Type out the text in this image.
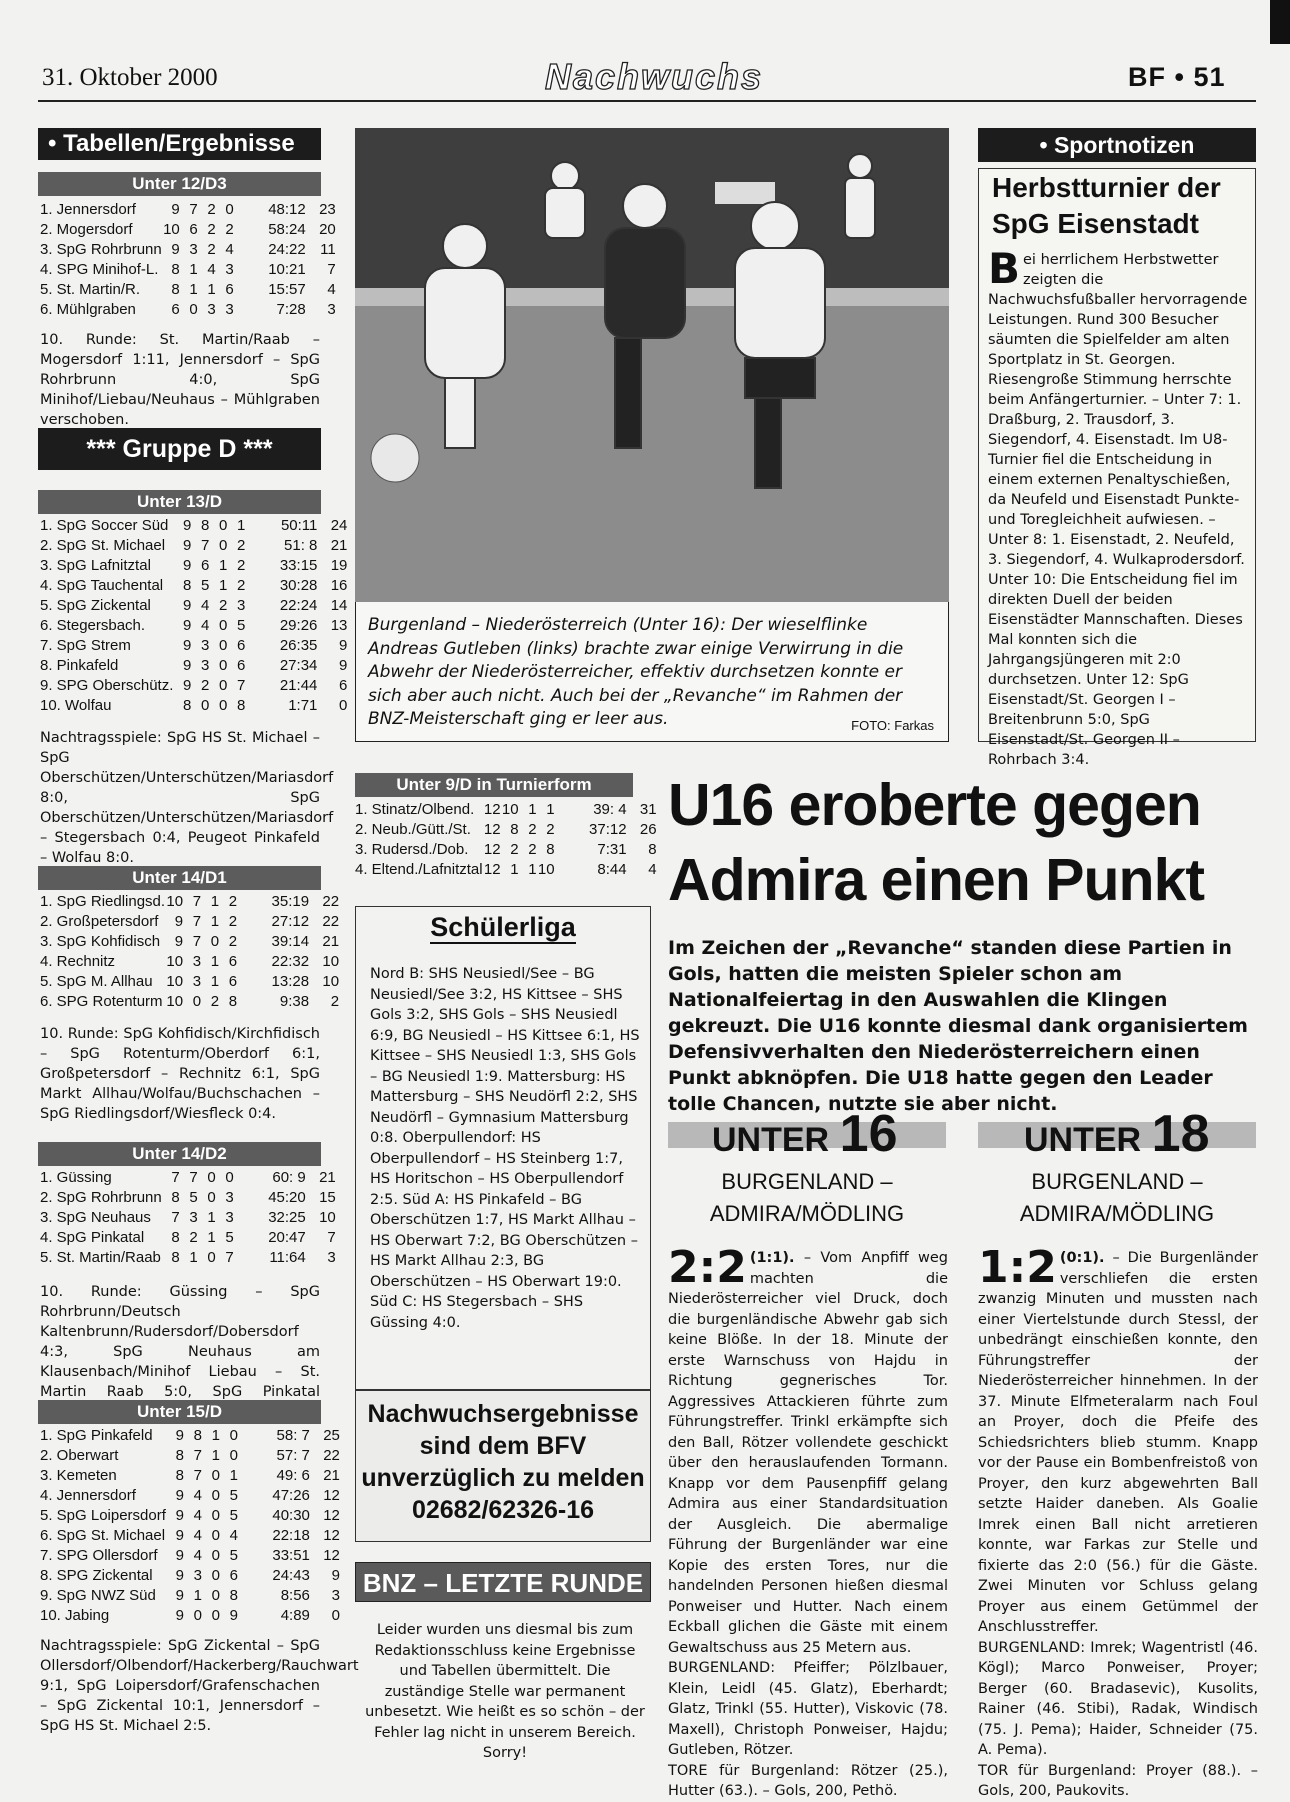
31. Oktober 2000	Nachwuchs	BF • 51
• Tabellen/Ergebnisse
Unter 12/D3
1. Jennersdorf	9	7	2	0	48:12	23
2. Mogersdorf	10	6	2	2	58:24	20
3. SpG Rohrbrunn	9	3	2	4	24:22	11
4. SPG Minihof-L.	8	1	4	3	10:21	7
5. St. Martin/R.	8	1	1	6	15:57	4
6. Mühlgraben	6	0	3	3	7:28	3
10. Runde: St. Martin/Raab – Mogersdorf 1:11, Jennersdorf – SpG Rohrbrunn 4:0, SpG Minihof/Liebau/Neuhaus – Mühlgraben verschoben.
*** Gruppe D ***
Unter 13/D
1. SpG Soccer Süd	9	8	0	1	50:11	24
2. SpG St. Michael	9	7	0	2	51: 8	21
3. SpG Lafnitztal	9	6	1	2	33:15	19
4. SpG Tauchental	8	5	1	2	30:28	16
5. SpG Zickental	9	4	2	3	22:24	14
6. Stegersbach.	9	4	0	5	29:26	13
7. SpG Strem	9	3	0	6	26:35	9
8. Pinkafeld	9	3	0	6	27:34	9
9. SPG Oberschütz.	9	2	0	7	21:44	6
10. Wolfau	8	0	0	8	1:71	0
Nachtragsspiele: SpG HS St. Michael – SpG Oberschützen/Unterschützen/Mariasdorf 8:0, SpG Oberschützen/Unterschützen/Mariasdorf – Stegersbach 0:4, Peugeot Pinkafeld – Wolfau 8:0.
Unter 14/D1
1. SpG Riedlingsd.	10	7	1	2	35:19	22
2. Großpetersdorf	9	7	1	2	27:12	22
3. SpG Kohfidisch	9	7	0	2	39:14	21
4. Rechnitz	10	3	1	6	22:32	10
5. SpG M. Allhau	10	3	1	6	13:28	10
6. SPG Rotenturm	10	0	2	8	9:38	2
10. Runde: SpG Kohfidisch/Kirchfidisch – SpG Rotenturm/Oberdorf 6:1, Großpetersdorf – Rechnitz 6:1, SpG Markt Allhau/Wolfau/Buchschachen – SpG Riedlingsdorf/Wiesfleck 0:4.
Unter 14/D2
1. Güssing	7	7	0	0	60: 9	21
2. SpG Rohrbrunn	8	5	0	3	45:20	15
3. SpG Neuhaus	7	3	1	3	32:25	10
4. SpG Pinkatal	8	2	1	5	20:47	7
5. St. Martin/Raab	8	1	0	7	11:64	3
10. Runde: Güssing – SpG Rohrbrunn/Deutsch Kaltenbrunn/Rudersdorf/Dobersdorf 4:3, SpG Neuhaus am Klausenbach/Minihof Liebau – St. Martin Raab 5:0, SpG Pinkatal
Unter 15/D
1. SpG Pinkafeld	9	8	1	0	58: 7	25
2. Oberwart	8	7	1	0	57: 7	22
3. Kemeten	8	7	0	1	49: 6	21
4. Jennersdorf	9	4	0	5	47:26	12
5. SpG Loipersdorf	9	4	0	5	40:30	12
6. SpG St. Michael	9	4	0	4	22:18	12
7. SPG Ollersdorf	9	4	0	5	33:51	12
8. SPG Zickental	9	3	0	6	24:43	9
9. SpG NWZ Süd	9	1	0	8	8:56	3
10. Jabing	9	0	0	9	4:89	0
Nachtragsspiele: SpG Zickental – SpG Ollersdorf/Olbendorf/Hackerberg/Rauchwart 9:1, SpG Loipersdorf/Grafenschachen – SpG Zickental 10:1, Jennersdorf – SpG HS St. Michael 2:5.
Burgenland – Niederösterreich (Unter 16): Der wieselflinke Andreas Gutleben (links) brachte zwar einige Verwirrung in die Abwehr der Niederösterreicher, effektiv durchsetzen konnte er sich aber auch nicht. Auch bei der „Revanche“ im Rahmen der BNZ-Meisterschaft ging er leer aus.	FOTO: Farkas
• Sportnotizen
Herbstturnier der SpG Eisenstadt
Bei herrlichem Herbstwetter zeigten die Nachwuchsfußballer hervorragende Leistungen. Rund 300 Besucher säumten die Spielfelder am alten Sportplatz in St. Georgen. Riesengroße Stimmung herrschte beim Anfängerturnier. – Unter 7: 1. Draßburg, 2. Trausdorf, 3. Siegendorf, 4. Eisenstadt. Im U8-Turnier fiel die Entscheidung in einem externen Penaltyschießen, da Neufeld und Eisenstadt Punkte- und Toregleichheit aufwiesen. – Unter 8: 1. Eisenstadt, 2. Neufeld, 3. Siegendorf, 4. Wulkaprodersdorf. Unter 10: Die Entscheidung fiel im direkten Duell der beiden Eisenstädter Mannschaften. Dieses Mal konnten sich die Jahrgangsjüngeren mit 2:0 durchsetzen. Unter 12: SpG Eisenstadt/St. Georgen I – Breitenbrunn 5:0, SpG Eisenstadt/St. Georgen II – Rohrbach 3:4.
Unter 9/D in Turnierform
1. Stinatz/Olbend.	12	10	1	1	39: 4	31
2. Neub./Gütt./St.	12	8	2	2	37:12	26
3. Rudersd./Dob.	12	2	2	8	7:31	8
4. Eltend./Lafnitztal	12	1	1	10	8:44	4
Schülerliga
Nord B: SHS Neusiedl/See – BG Neusiedl/See 3:2, HS Kittsee – SHS Gols 3:2, SHS Gols – SHS Neusiedl 6:9, BG Neusiedl – HS Kittsee 6:1, HS Kittsee – SHS Neusiedl 1:3, SHS Gols – BG Neusiedl 1:9. Mattersburg: HS Mattersburg – SHS Neudörfl 2:2, SHS Neudörfl – Gymnasium Mattersburg 0:8. Oberpullendorf: HS Oberpullendorf – HS Steinberg 1:7, HS Horitschon – HS Oberpullendorf 2:5. Süd A: HS Pinkafeld – BG Oberschützen 1:7, HS Markt Allhau – HS Oberwart 7:2, BG Oberschützen – HS Markt Allhau 2:3, BG Oberschützen – HS Oberwart 19:0. Süd C: HS Stegersbach – SHS Güssing 4:0.
Nachwuchsergebnisse sind dem BFV unverzüglich zu melden 02682/62326-16
BNZ – LETZTE RUNDE
Leider wurden uns diesmal bis zum Redaktionsschluss keine Ergebnisse und Tabellen übermittelt. Die zuständige Stelle war permanent unbesetzt. Wie heißt es so schön – der Fehler lag nicht in unserem Bereich. Sorry!
U16 eroberte gegen Admira einen Punkt
Im Zeichen der „Revanche“ standen diese Partien in Gols, hatten die meisten Spieler schon am Nationalfeiertag in den Auswahlen die Klingen gekreuzt. Die U16 konnte diesmal dank organisiertem Defensivverhalten den Niederösterreichern einen Punkt abknöpfen. Die U18 hatte gegen den Leader tolle Chancen, nutzte sie aber nicht.
UNTER 16
BURGENLAND – ADMIRA/MÖDLING
UNTER 18
BURGENLAND – ADMIRA/MÖDLING
2:2 (1:1). – Vom Anpfiff weg machten die Niederösterreicher viel Druck, doch die burgenländische Abwehr gab sich keine Blöße. In der 18. Minute der erste Warnschuss von Hajdu in Richtung gegnerisches Tor. Aggressives Attackieren führte zum Führungstreffer. Trinkl erkämpfte sich den Ball, Rötzer vollendete geschickt über den herauslaufenden Tormann. Knapp vor dem Pausenpfiff gelang Admira aus einer Standardsituation der Ausgleich. Die abermalige Führung der Burgenländer war eine Kopie des ersten Tores, nur die handelnden Personen hießen diesmal Ponweiser und Hutter. Nach einem Eckball glichen die Gäste mit einem Gewaltschuss aus 25 Metern aus.
BURGENLAND: Pfeiffer; Pölzlbauer, Klein, Leidl (45. Glatz), Eberhardt; Glatz, Trinkl (55. Hutter), Viskovic (78. Maxell), Christoph Ponweiser, Hajdu; Gutleben, Rötzer.
TORE für Burgenland: Rötzer (25.), Hutter (63.). – Gols, 200, Pethö.
1:2 (0:1). – Die Burgenländer verschliefen die ersten zwanzig Minuten und mussten nach einer Viertelstunde durch Stessl, der unbedrängt einschießen konnte, den Führungstreffer der Niederösterreicher hinnehmen. In der 37. Minute Elfmeteralarm nach Foul an Proyer, doch die Pfeife des Schiedsrichters blieb stumm. Knapp vor der Pause ein Bombenfreistoß von Proyer, den kurz abgewehrten Ball setzte Haider daneben. Als Goalie Imrek einen Ball nicht arretieren konnte, war Farkas zur Stelle und fixierte das 2:0 (56.) für die Gäste. Zwei Minuten vor Schluss gelang Proyer aus einem Getümmel der Anschlusstreffer.
BURGENLAND: Imrek; Wagentristl (46. Kögl); Marco Ponweiser, Proyer; Berger (60. Bradasevic), Kusolits, Rainer (46. Stibi), Radak, Windisch (75. J. Pema); Haider, Schneider (75. A. Pema).
TOR für Burgenland: Proyer (88.). – Gols, 200, Paukovits.
